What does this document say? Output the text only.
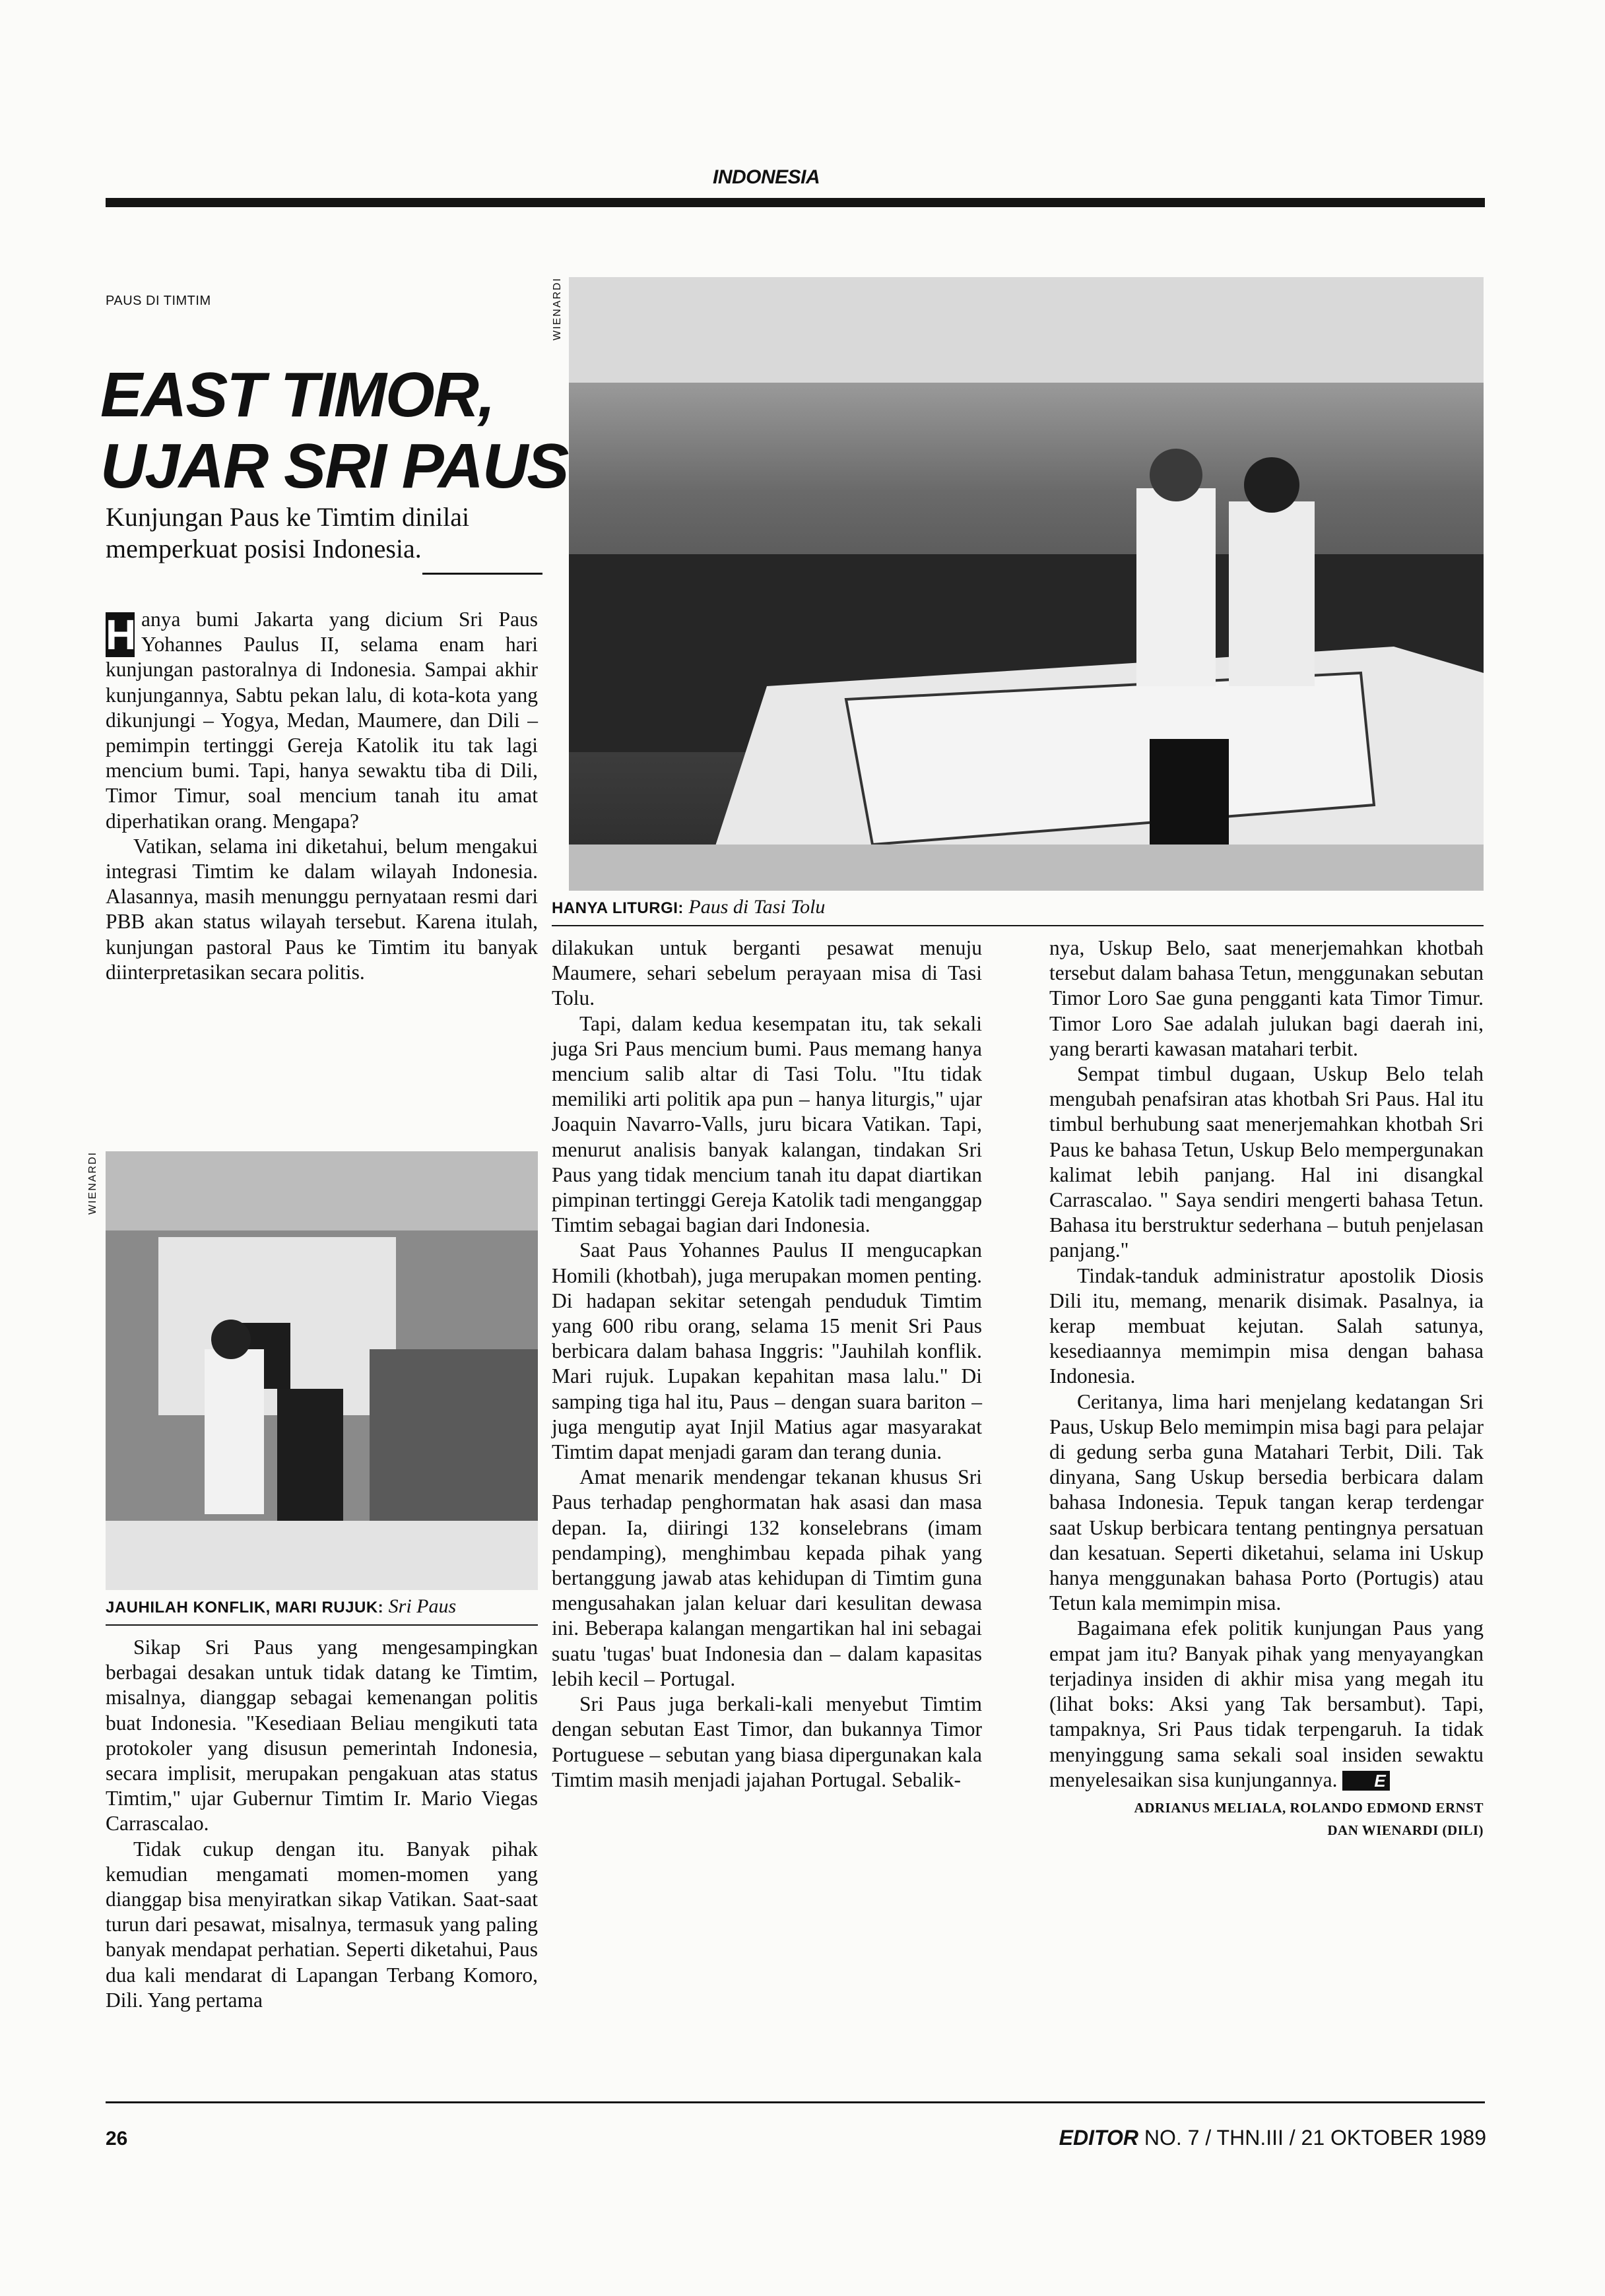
INDONESIA
PAUS DI TIMTIM
EAST TIMOR,
UJAR SRI PAUS
Kunjungan Paus ke Timtim dinilai memperkuat posisi Indonesia.
WIENARDI
HANYA LITURGI: Paus di Tasi Tolu

H anya bumi Jakarta yang dicium Sri Paus Yohannes Paulus II, selama enam hari kunjungan pastoralnya di Indonesia. Sampai akhir kunjungannya, Sabtu pekan lalu, di kota-kota yang dikunjungi – Yogya, Medan, Maumere, dan Dili – pemimpin tertinggi Gereja Katolik itu tak lagi mencium bumi. Tapi, hanya sewaktu tiba di Dili, Timor Timur, soal mencium tanah itu amat diperhatikan orang. Mengapa?

Vatikan, selama ini diketahui, belum mengakui integrasi Timtim ke dalam wilayah Indonesia. Alasannya, masih menunggu pernyataan resmi dari PBB akan status wilayah tersebut. Karena itulah, kunjungan pastoral Paus ke Timtim itu banyak diinterpretasikan secara politis.

WIENARDI
JAUHILAH KONFLIK, MARI RUJUK: Sri Paus

Sikap Sri Paus yang mengesampingkan berbagai desakan untuk tidak datang ke Timtim, misalnya, dianggap sebagai kemenangan politis buat Indonesia. "Kesediaan Beliau mengikuti tata protokoler yang disusun pemerintah Indonesia, secara implisit, merupakan pengakuan atas status Timtim," ujar Gubernur Timtim Ir. Mario Viegas Carrascalao.

Tidak cukup dengan itu. Banyak pihak kemudian mengamati momen-momen yang dianggap bisa menyiratkan sikap Vatikan. Saat-saat turun dari pesawat, misalnya, termasuk yang paling banyak mendapat perhatian. Seperti diketahui, Paus dua kali mendarat di Lapangan Terbang Komoro, Dili. Yang pertama

dilakukan untuk berganti pesawat menuju Maumere, sehari sebelum perayaan misa di Tasi Tolu.

Tapi, dalam kedua kesempatan itu, tak sekali juga Sri Paus mencium bumi. Paus memang hanya mencium salib altar di Tasi Tolu. "Itu tidak memiliki arti politik apa pun – hanya liturgis," ujar Joaquin Navarro-Valls, juru bicara Vatikan. Tapi, menurut analisis banyak kalangan, tindakan Sri Paus yang tidak mencium tanah itu dapat diartikan pimpinan tertinggi Gereja Katolik tadi menganggap Timtim sebagai bagian dari Indonesia.

Saat Paus Yohannes Paulus II mengucapkan Homili (khotbah), juga merupakan momen penting. Di hadapan sekitar setengah penduduk Timtim yang 600 ribu orang, selama 15 menit Sri Paus berbicara dalam bahasa Inggris: "Jauhilah konflik. Mari rujuk. Lupakan kepahitan masa lalu." Di samping tiga hal itu, Paus – dengan suara bariton – juga mengutip ayat Injil Matius agar masyarakat Timtim dapat menjadi garam dan terang dunia.

Amat menarik mendengar tekanan khusus Sri Paus terhadap penghormatan hak asasi dan masa depan. Ia, diiringi 132 konselebrans (imam pendamping), menghimbau kepada pihak yang bertanggung jawab atas kehidupan di Timtim guna mengusahakan jalan keluar dari kesulitan dewasa ini. Beberapa kalangan mengartikan hal ini sebagai suatu 'tugas' buat Indonesia dan – dalam kapasitas lebih kecil – Portugal.

Sri Paus juga berkali-kali menyebut Timtim dengan sebutan East Timor, dan bukannya Timor Portuguese – sebutan yang biasa dipergunakan kala Timtim masih menjadi jajahan Portugal. Sebalik-

nya, Uskup Belo, saat menerjemahkan khotbah tersebut dalam bahasa Tetun, menggunakan sebutan Timor Loro Sae guna pengganti kata Timor Timur. Timor Loro Sae adalah julukan bagi daerah ini, yang berarti kawasan matahari terbit.

Sempat timbul dugaan, Uskup Belo telah mengubah penafsiran atas khotbah Sri Paus. Hal itu timbul berhubung saat menerjemahkan khotbah Sri Paus ke bahasa Tetun, Uskup Belo mempergunakan kalimat lebih panjang. Hal ini disangkal Carrascalao. " Saya sendiri mengerti bahasa Tetun. Bahasa itu berstruktur sederhana – butuh penjelasan panjang."

Tindak-tanduk administratur apostolik Diosis Dili itu, memang, menarik disimak. Pasalnya, ia kerap membuat kejutan. Salah satunya, kesediaannya memimpin misa dengan bahasa Indonesia.

Ceritanya, lima hari menjelang kedatangan Sri Paus, Uskup Belo memimpin misa bagi para pelajar di gedung serba guna Matahari Terbit, Dili. Tak dinyana, Sang Uskup bersedia berbicara dalam bahasa Indonesia. Tepuk tangan kerap terdengar saat Uskup berbicara tentang pentingnya persatuan dan kesatuan. Seperti diketahui, selama ini Uskup hanya menggunakan bahasa Porto (Portugis) atau Tetun kala memimpin misa.

Bagaimana efek politik kunjungan Paus yang empat jam itu? Banyak pihak yang menyayangkan terjadinya insiden di akhir misa yang megah itu (lihat boks: Aksi yang Tak bersambut). Tapi, tampaknya, Sri Paus tidak terpengaruh. Ia tidak menyinggung sama sekali soal insiden sewaktu menyelesaikan sisa kunjungannya. E

ADRIANUS MELIALA, ROLANDO EDMOND ERNST
DAN WIENARDI (DILI)
26	EDITOR NO. 7 / THN.III / 21 OKTOBER 1989
